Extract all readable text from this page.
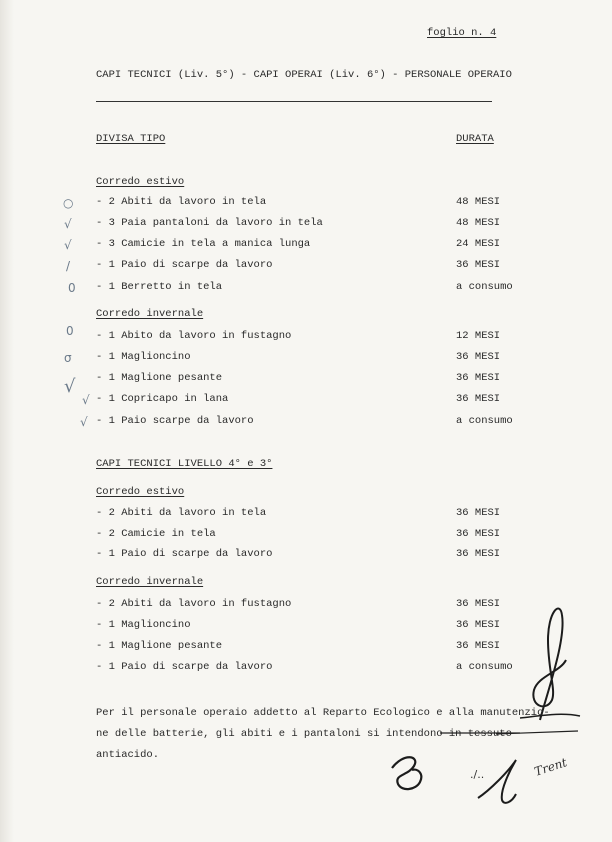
foglio n. 4
CAPI TECNICI (Liv. 5°) - CAPI OPERAI (Liv. 6°) - PERSONALE OPERAIO
DIVISA TIPO	DURATA
Corredo estivo
- 2 Abiti da lavoro in tela	48 MESI
- 3 Paia pantaloni da lavoro in tela	48 MESI
- 3 Camicie in tela a manica lunga	24 MESI
- 1 Paio di scarpe da lavoro	36 MESI
- 1 Berretto in tela	a consumo
Corredo invernale
- 1 Abito da lavoro in fustagno	12 MESI
- 1 Maglioncino	36 MESI
- 1 Maglione pesante	36 MESI
- 1 Copricapo in lana	36 MESI
- 1 Paio scarpe da lavoro	a consumo
CAPI TECNICI LIVELLO 4° e 3°
Corredo estivo
- 2 Abiti da lavoro in tela	36 MESI
- 2 Camicie in tela	36 MESI
- 1 Paio di scarpe da lavoro	36 MESI
Corredo invernale
- 2 Abiti da lavoro in fustagno	36 MESI
- 1 Maglioncino	36 MESI
- 1 Maglione pesante	36 MESI
- 1 Paio di scarpe da lavoro	a consumo
Per il personale operaio addetto al Reparto Ecologico e alla manutenzio-
ne delle batterie, gli abiti e i pantaloni si intendono in tessuto
antiacido.
○
√
√
/
0
0
σ
√
√
√
./..	Trent
